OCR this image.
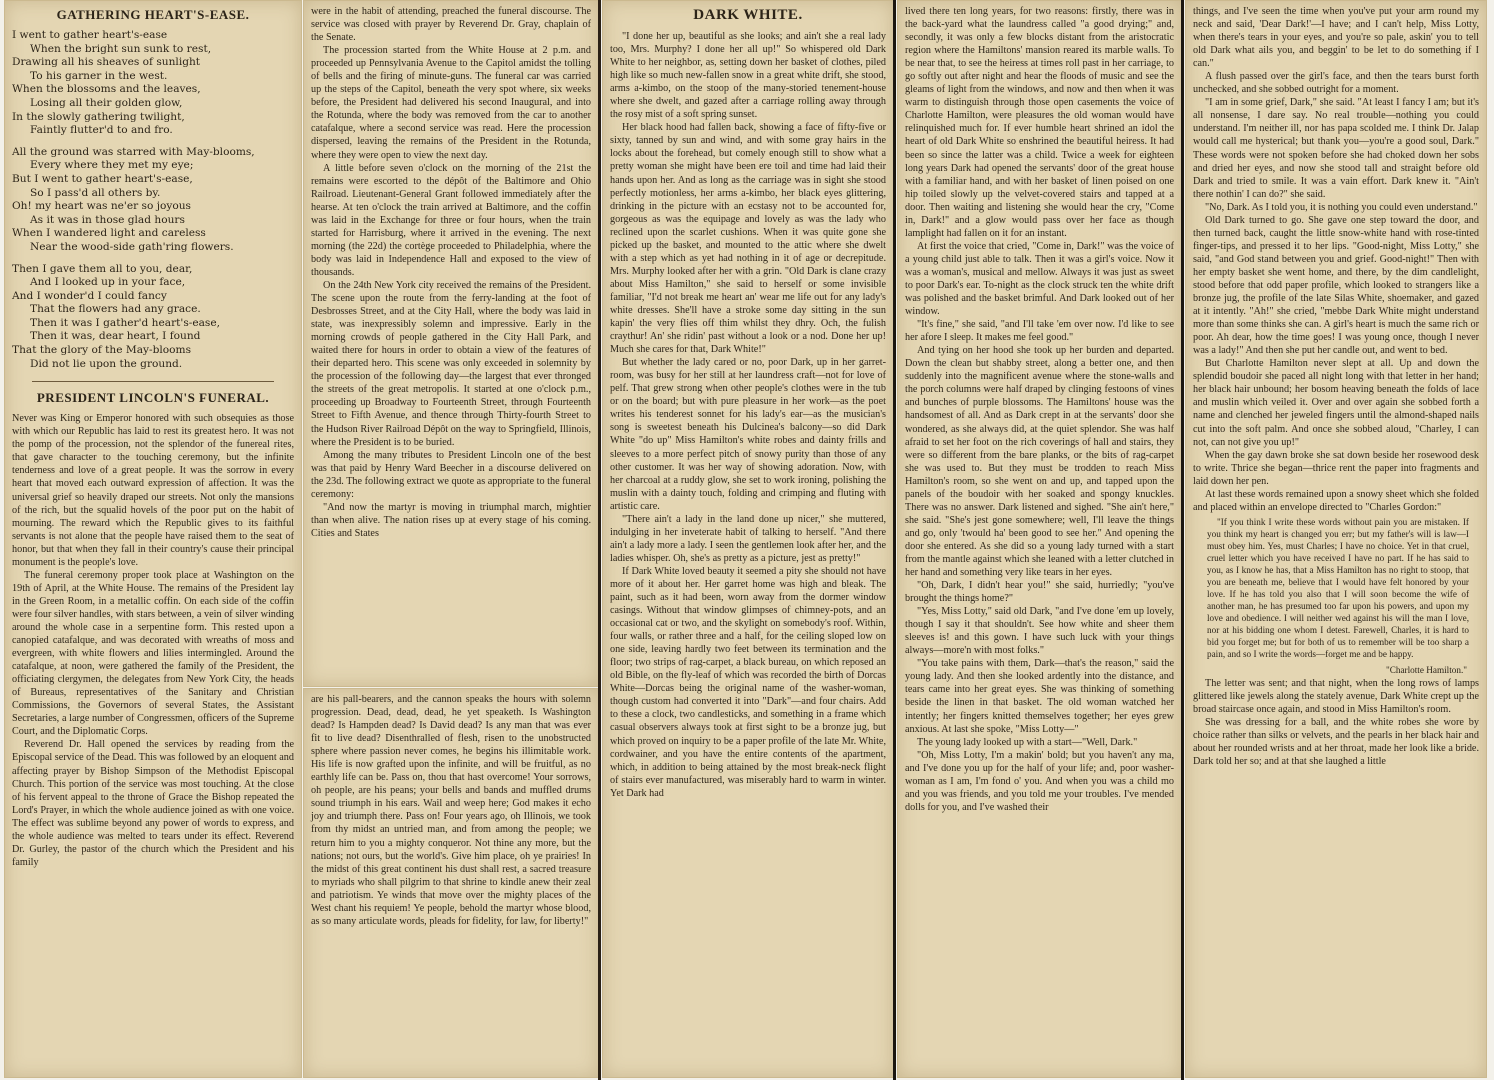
GATHERING HEART'S-EASE.
I went to gather heart's-ease
When the bright sun sunk to rest,
Drawing all his sheaves of sunlight
To his garner in the west.
When the blossoms and the leaves,
Losing all their golden glow,
In the slowly gathering twilight,
Faintly flutter'd to and fro.
All the ground was starred with May-blooms,
Every where they met my eye;
But I went to gather heart's-ease,
So I pass'd all others by.
Oh! my heart was ne'er so joyous
As it was in those glad hours
When I wandered light and careless
Near the wood-side gath'ring flowers.
Then I gave them all to you, dear,
And I looked up in your face,
And I wonder'd I could fancy
That the flowers had any grace.
Then it was I gather'd heart's-ease,
Then it was, dear heart, I found
That the glory of the May-blooms
Did not lie upon the ground.
PRESIDENT LINCOLN'S FUNERAL.

Never was King or Emperor honored with such obsequies as those with which our Republic has laid to rest its greatest hero. It was not the pomp of the procession, not the splendor of the funereal rites, that gave character to the touching ceremony, but the infinite tenderness and love of a great people. It was the sorrow in every heart that moved each outward expression of affection. It was the universal grief so heavily draped our streets. Not only the mansions of the rich, but the squalid hovels of the poor put on the habit of mourning. The reward which the Republic gives to its faithful servants is not alone that the people have raised them to the seat of honor, but that when they fall in their country's cause their principal monument is the people's love.

The funeral ceremony proper took place at Washington on the 19th of April, at the White House. The remains of the President lay in the Green Room, in a metallic coffin. On each side of the coffin were four silver handles, with stars between, a vein of silver winding around the whole case in a serpentine form. This rested upon a canopied catafalque, and was decorated with wreaths of moss and evergreen, with white flowers and lilies intermingled. Around the catafalque, at noon, were gathered the family of the President, the officiating clergymen, the delegates from New York City, the heads of Bureaus, representatives of the Sanitary and Christian Commissions, the Governors of several States, the Assistant Secretaries, a large number of Congressmen, officers of the Supreme Court, and the Diplomatic Corps.

Reverend Dr. Hall opened the services by reading from the Episcopal service of the Dead. This was followed by an eloquent and affecting prayer by Bishop Simpson of the Methodist Episcopal Church. This portion of the service was most touching. At the close of his fervent appeal to the throne of Grace the Bishop repeated the Lord's Prayer, in which the whole audience joined as with one voice. The effect was sublime beyond any power of words to express, and the whole audience was melted to tears under its effect. Reverend Dr. Gurley, the pastor of the church which the President and his family

were in the habit of attending, preached the funeral discourse. The service was closed with prayer by Reverend Dr. Gray, chaplain of the Senate.

The procession started from the White House at 2 p.m. and proceeded up Pennsylvania Avenue to the Capitol amidst the tolling of bells and the firing of minute-guns. The funeral car was carried up the steps of the Capitol, beneath the very spot where, six weeks before, the President had delivered his second Inaugural, and into the Rotunda, where the body was removed from the car to another catafalque, where a second service was read. Here the procession dispersed, leaving the remains of the President in the Rotunda, where they were open to view the next day.

A little before seven o'clock on the morning of the 21st the remains were escorted to the dépôt of the Baltimore and Ohio Railroad. Lieutenant-General Grant followed immediately after the hearse. At ten o'clock the train arrived at Baltimore, and the coffin was laid in the Exchange for three or four hours, when the train started for Harrisburg, where it arrived in the evening. The next morning (the 22d) the cortège proceeded to Philadelphia, where the body was laid in Independence Hall and exposed to the view of thousands.

On the 24th New York city received the remains of the President. The scene upon the route from the ferry-landing at the foot of Desbrosses Street, and at the City Hall, where the body was laid in state, was inexpressibly solemn and impressive. Early in the morning crowds of people gathered in the City Hall Park, and waited there for hours in order to obtain a view of the features of their departed hero. This scene was only exceeded in solemnity by the procession of the following day—the largest that ever thronged the streets of the great metropolis. It started at one o'clock p.m., proceeding up Broadway to Fourteenth Street, through Fourteenth Street to Fifth Avenue, and thence through Thirty-fourth Street to the Hudson River Railroad Dépôt on the way to Springfield, Illinois, where the President is to be buried.

Among the many tributes to President Lincoln one of the best was that paid by Henry Ward Beecher in a discourse delivered on the 23d. The following extract we quote as appropriate to the funeral ceremony:

"And now the martyr is moving in triumphal march, mightier than when alive. The nation rises up at every stage of his coming. Cities and States

are his pall-bearers, and the cannon speaks the hours with solemn progression. Dead, dead, dead, he yet speaketh. Is Washington dead? Is Hampden dead? Is David dead? Is any man that was ever fit to live dead? Disenthralled of flesh, risen to the unobstructed sphere where passion never comes, he begins his illimitable work. His life is now grafted upon the infinite, and will be fruitful, as no earthly life can be. Pass on, thou that hast overcome! Your sorrows, oh people, are his peans; your bells and bands and muffled drums sound triumph in his ears. Wail and weep here; God makes it echo joy and triumph there. Pass on! Four years ago, oh Illinois, we took from thy midst an untried man, and from among the people; we return him to you a mighty conqueror. Not thine any more, but the nations; not ours, but the world's. Give him place, oh ye prairies! In the midst of this great continent his dust shall rest, a sacred treasure to myriads who shall pilgrim to that shrine to kindle anew their zeal and patriotism. Ye winds that move over the mighty places of the West chant his requiem! Ye people, behold the martyr whose blood, as so many articulate words, pleads for fidelity, for law, for liberty!"

DARK WHITE.

"I done her up, beautiful as she looks; and ain't she a real lady too, Mrs. Murphy? I done her all up!" So whispered old Dark White to her neighbor, as, setting down her basket of clothes, piled high like so much new-fallen snow in a great white drift, she stood, arms a-kimbo, on the stoop of the many-storied tenement-house where she dwelt, and gazed after a carriage rolling away through the rosy mist of a soft spring sunset.

Her black hood had fallen back, showing a face of fifty-five or sixty, tanned by sun and wind, and with some gray hairs in the locks about the forehead, but comely enough still to show what a pretty woman she might have been ere toil and time had laid their hands upon her. And as long as the carriage was in sight she stood perfectly motionless, her arms a-kimbo, her black eyes glittering, drinking in the picture with an ecstasy not to be accounted for, gorgeous as was the equipage and lovely as was the lady who reclined upon the scarlet cushions. When it was quite gone she picked up the basket, and mounted to the attic where she dwelt with a step which as yet had nothing in it of age or decrepitude. Mrs. Murphy looked after her with a grin. "Old Dark is clane crazy about Miss Hamilton," she said to herself or some invisible familiar, "I'd not break me heart an' wear me life out for any lady's white dresses. She'll have a stroke some day sitting in the sun kapin' the very flies off thim whilst they dhry. Och, the fulish craythur! An' she ridin' past without a look or a nod. Done her up! Much she cares for that, Dark White!"

But whether the lady cared or no, poor Dark, up in her garret-room, was busy for her still at her laundress craft—not for love of pelf. That grew strong when other people's clothes were in the tub or on the board; but with pure pleasure in her work—as the poet writes his tenderest sonnet for his lady's ear—as the musician's song is sweetest beneath his Dulcinea's balcony—so did Dark White "do up" Miss Hamilton's white robes and dainty frills and sleeves to a more perfect pitch of snowy purity than those of any other customer. It was her way of showing adoration. Now, with her charcoal at a ruddy glow, she set to work ironing, polishing the muslin with a dainty touch, folding and crimping and fluting with artistic care.

"There ain't a lady in the land done up nicer," she muttered, indulging in her inveterate habit of talking to herself. "And there ain't a lady more a lady. I seen the gentlemen look after her, and the ladies whisper. Oh, she's as pretty as a picture, jest as pretty!"

If Dark White loved beauty it seemed a pity she should not have more of it about her. Her garret home was high and bleak. The paint, such as it had been, worn away from the dormer window casings. Without that window glimpses of chimney-pots, and an occasional cat or two, and the skylight on somebody's roof. Within, four walls, or rather three and a half, for the ceiling sloped low on one side, leaving hardly two feet between its termination and the floor; two strips of rag-carpet, a black bureau, on which reposed an old Bible, on the fly-leaf of which was recorded the birth of Dorcas White—Dorcas being the original name of the washer-woman, though custom had converted it into "Dark"—and four chairs. Add to these a clock, two candlesticks, and something in a frame which casual observers always took at first sight to be a bronze jug, but which proved on inquiry to be a paper profile of the late Mr. White, cordwainer, and you have the entire contents of the apartment, which, in addition to being attained by the most break-neck flight of stairs ever manufactured, was miserably hard to warm in winter. Yet Dark had

lived there ten long years, for two reasons: firstly, there was in the back-yard what the laundress called "a good drying;" and, secondly, it was only a few blocks distant from the aristocratic region where the Hamiltons' mansion reared its marble walls. To be near that, to see the heiress at times roll past in her carriage, to go softly out after night and hear the floods of music and see the gleams of light from the windows, and now and then when it was warm to distinguish through those open casements the voice of Charlotte Hamilton, were pleasures the old woman would have relinquished much for. If ever humble heart shrined an idol the heart of old Dark White so enshrined the beautiful heiress. It had been so since the latter was a child. Twice a week for eighteen long years Dark had opened the servants' door of the great house with a familiar hand, and with her basket of linen poised on one hip toiled slowly up the velvet-covered stairs and tapped at a door. Then waiting and listening she would hear the cry, "Come in, Dark!" and a glow would pass over her face as though lamplight had fallen on it for an instant.

At first the voice that cried, "Come in, Dark!" was the voice of a young child just able to talk. Then it was a girl's voice. Now it was a woman's, musical and mellow. Always it was just as sweet to poor Dark's ear. To-night as the clock struck ten the white drift was polished and the basket brimful. And Dark looked out of her window.

"It's fine," she said, "and I'll take 'em over now. I'd like to see her afore I sleep. It makes me feel good."

And tying on her hood she took up her burden and departed. Down the clean but shabby street, along a better one, and then suddenly into the magnificent avenue where the stone-walls and the porch columns were half draped by clinging festoons of vines and bunches of purple blossoms. The Hamiltons' house was the handsomest of all. And as Dark crept in at the servants' door she wondered, as she always did, at the quiet splendor. She was half afraid to set her foot on the rich coverings of hall and stairs, they were so different from the bare planks, or the bits of rag-carpet she was used to. But they must be trodden to reach Miss Hamilton's room, so she went on and up, and tapped upon the panels of the boudoir with her soaked and spongy knuckles. There was no answer. Dark listened and sighed. "She ain't here," she said. "She's jest gone somewhere; well, I'll leave the things and go, only 'twould ha' been good to see her." And opening the door she entered. As she did so a young lady turned with a start from the mantle against which she leaned with a letter clutched in her hand and something very like tears in her eyes.

"Oh, Dark, I didn't hear you!" she said, hurriedly; "you've brought the things home?"

"Yes, Miss Lotty," said old Dark, "and I've done 'em up lovely, though I say it that shouldn't. See how white and sheer them sleeves is! and this gown. I have such luck with your things always—more'n with most folks."

"You take pains with them, Dark—that's the reason," said the young lady. And then she looked ardently into the distance, and tears came into her great eyes. She was thinking of something beside the linen in that basket. The old woman watched her intently; her fingers knitted themselves together; her eyes grew anxious. At last she spoke, "Miss Lotty—"

The young lady looked up with a start—"Well, Dark."

"Oh, Miss Lotty, I'm a makin' bold; but you haven't any ma, and I've done you up for the half of your life; and, poor washer-woman as I am, I'm fond o' you. And when you was a child mo and you was friends, and you told me your troubles. I've mended dolls for you, and I've washed their

things, and I've seen the time when you've put your arm round my neck and said, 'Dear Dark!'—I have; and I can't help, Miss Lotty, when there's tears in your eyes, and you're so pale, askin' you to tell old Dark what ails you, and beggin' to be let to do something if I can."

A flush passed over the girl's face, and then the tears burst forth unchecked, and she sobbed outright for a moment.

"I am in some grief, Dark," she said. "At least I fancy I am; but it's all nonsense, I dare say. No real trouble—nothing you could understand. I'm neither ill, nor has papa scolded me. I think Dr. Jalap would call me hysterical; but thank you—you're a good soul, Dark." These words were not spoken before she had choked down her sobs and dried her eyes, and now she stood tall and straight before old Dark and tried to smile. It was a vain effort. Dark knew it. "Ain't there nothin' I can do?" she said.

"No, Dark. As I told you, it is nothing you could even understand."

Old Dark turned to go. She gave one step toward the door, and then turned back, caught the little snow-white hand with rose-tinted finger-tips, and pressed it to her lips. "Good-night, Miss Lotty," she said, "and God stand between you and grief. Good-night!" Then with her empty basket she went home, and there, by the dim candlelight, stood before that odd paper profile, which looked to strangers like a bronze jug, the profile of the late Silas White, shoemaker, and gazed at it intently. "Ah!" she cried, "mebbe Dark White might understand more than some thinks she can. A girl's heart is much the same rich or poor. Ah dear, how the time goes! I was young once, though I never was a lady!" And then she put her candle out, and went to bed.

But Charlotte Hamilton never slept at all. Up and down the splendid boudoir she paced all night long with that letter in her hand; her black hair unbound; her bosom heaving beneath the folds of lace and muslin which veiled it. Over and over again she sobbed forth a name and clenched her jeweled fingers until the almond-shaped nails cut into the soft palm. And once she sobbed aloud, "Charley, I can not, can not give you up!"

When the gay dawn broke she sat down beside her rosewood desk to write. Thrice she began—thrice rent the paper into fragments and laid down her pen.

At last these words remained upon a snowy sheet which she folded and placed within an envelope directed to "Charles Gordon:"

"If you think I write these words without pain you are mistaken. If you think my heart is changed you err; but my father's will is law—I must obey him. Yes, must Charles; I have no choice. Yet in that cruel, cruel letter which you have received I have no part. If he has said to you, as I know he has, that a Miss Hamilton has no right to stoop, that you are beneath me, believe that I would have felt honored by your love. If he has told you also that I will soon become the wife of another man, he has presumed too far upon his powers, and upon my love and obedience. I will neither wed against his will the man I love, nor at his bidding one whom I detest. Farewell, Charles, it is hard to bid you forget me; but for both of us to remember will be too sharp a pain, and so I write the words—forget me and be happy.

"Charlotte Hamilton."

The letter was sent; and that night, when the long rows of lamps glittered like jewels along the stately avenue, Dark White crept up the broad staircase once again, and stood in Miss Hamilton's room.

She was dressing for a ball, and the white robes she wore by choice rather than silks or velvets, and the pearls in her black hair and about her rounded wrists and at her throat, made her look like a bride. Dark told her so; and at that she laughed a little
